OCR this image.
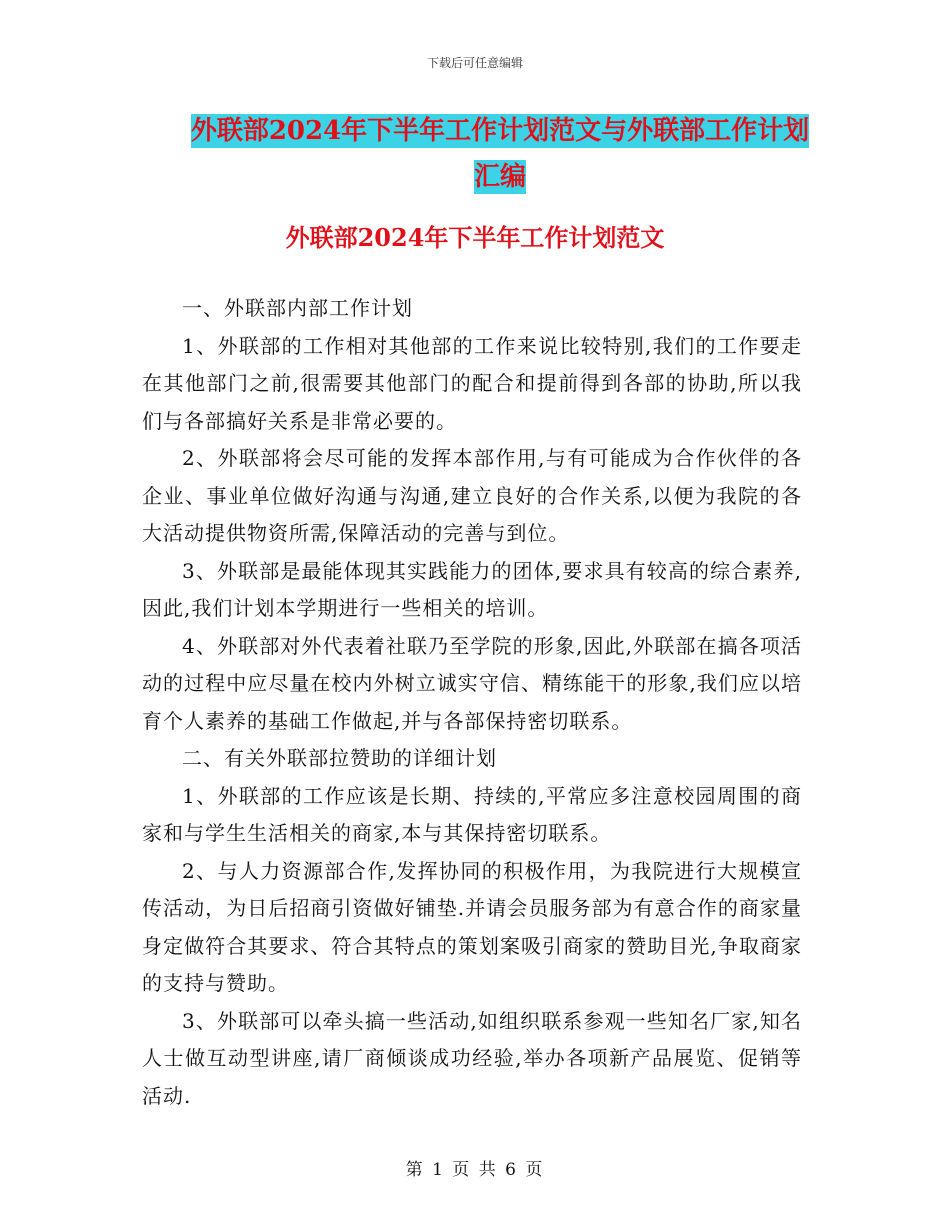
下载后可任意编辑
外联部2024年下半年工作计划范文与外联部工作计划
汇编
外联部2024年下半年工作计划范文

一、外联部内部工作计划

1、外联部的工作相对其他部的工作来说比较特别,我们的工作要走在其他部门之前,很需要其他部门的配合和提前得到各部的协助,所以我们与各部搞好关系是非常必要的。

2、外联部将会尽可能的发挥本部作用,与有可能成为合作伙伴的各企业、事业单位做好沟通与沟通,建立良好的合作关系,以便为我院的各大活动提供物资所需,保障活动的完善与到位。

3、外联部是最能体现其实践能力的团体,要求具有较高的综合素养,因此,我们计划本学期进行一些相关的培训。

4、外联部对外代表着社联乃至学院的形象,因此,外联部在搞各项活动的过程中应尽量在校内外树立诚实守信、精练能干的形象,我们应以培育个人素养的基础工作做起,并与各部保持密切联系。

二、有关外联部拉赞助的详细计划

1、外联部的工作应该是长期、持续的,平常应多注意校园周围的商家和与学生生活相关的商家,本与其保持密切联系。

2、与人力资源部合作,发挥协同的积极作用，为我院进行大规模宣传活动，为日后招商引资做好铺垫.并请会员服务部为有意合作的商家量身定做符合其要求、符合其特点的策划案吸引商家的赞助目光,争取商家的支持与赞助。

3、外联部可以牵头搞一些活动,如组织联系参观一些知名厂家,知名人士做互动型讲座,请厂商倾谈成功经验,举办各项新产品展览、促销等活动.

第 1 页 共 6 页
